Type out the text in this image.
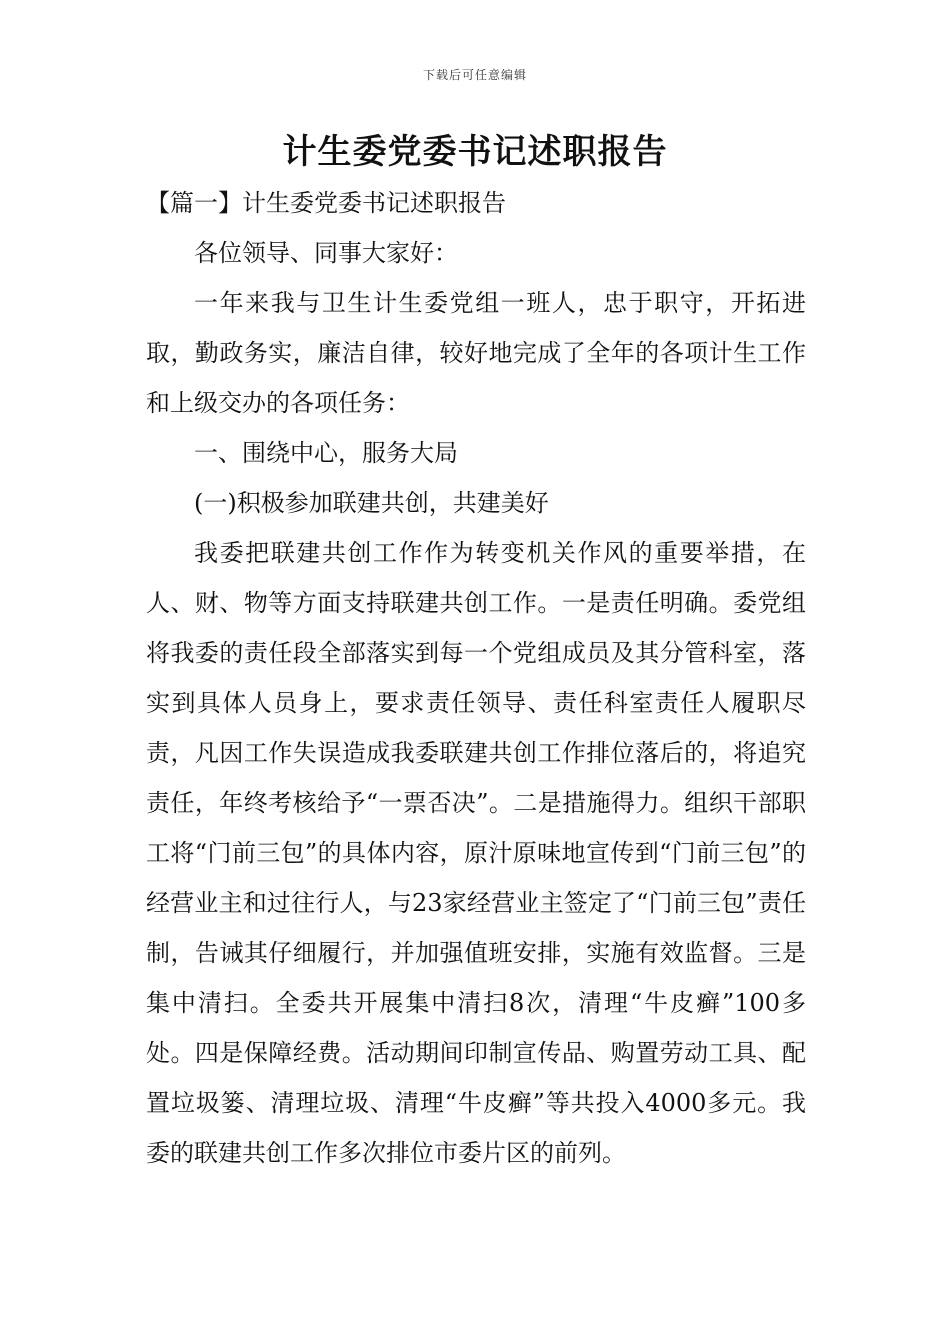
下载后可任意编辑
计生委党委书记述职报告

【篇一】计生委党委书记述职报告

各位领导、同事大家好：

一年来我与卫生计生委党组一班人，忠于职守，开拓进取，勤政务实，廉洁自律，较好地完成了全年的各项计生工作和上级交办的各项任务：

一、围绕中心，服务大局

(一)积极参加联建共创，共建美好

我委把联建共创工作作为转变机关作风的重要举措，在人、财、物等方面支持联建共创工作。一是责任明确。委党组将我委的责任段全部落实到每一个党组成员及其分管科室，落实到具体人员身上，要求责任领导、责任科室责任人履职尽责，凡因工作失误造成我委联建共创工作排位落后的，将追究责任，年终考核给予“一票否决”。二是措施得力。组织干部职工将“门前三包”的具体内容，原汁原味地宣传到“门前三包”的经营业主和过往行人，与23家经营业主签定了“门前三包”责任制，告诫其仔细履行，并加强值班安排，实施有效监督。三是集中清扫。全委共开展集中清扫8次，清理“牛皮癣”100多处。四是保障经费。活动期间印制宣传品、购置劳动工具、配置垃圾篓、清理垃圾、清理“牛皮癣”等共投入4000多元。我委的联建共创工作多次排位市委片区的前列。
